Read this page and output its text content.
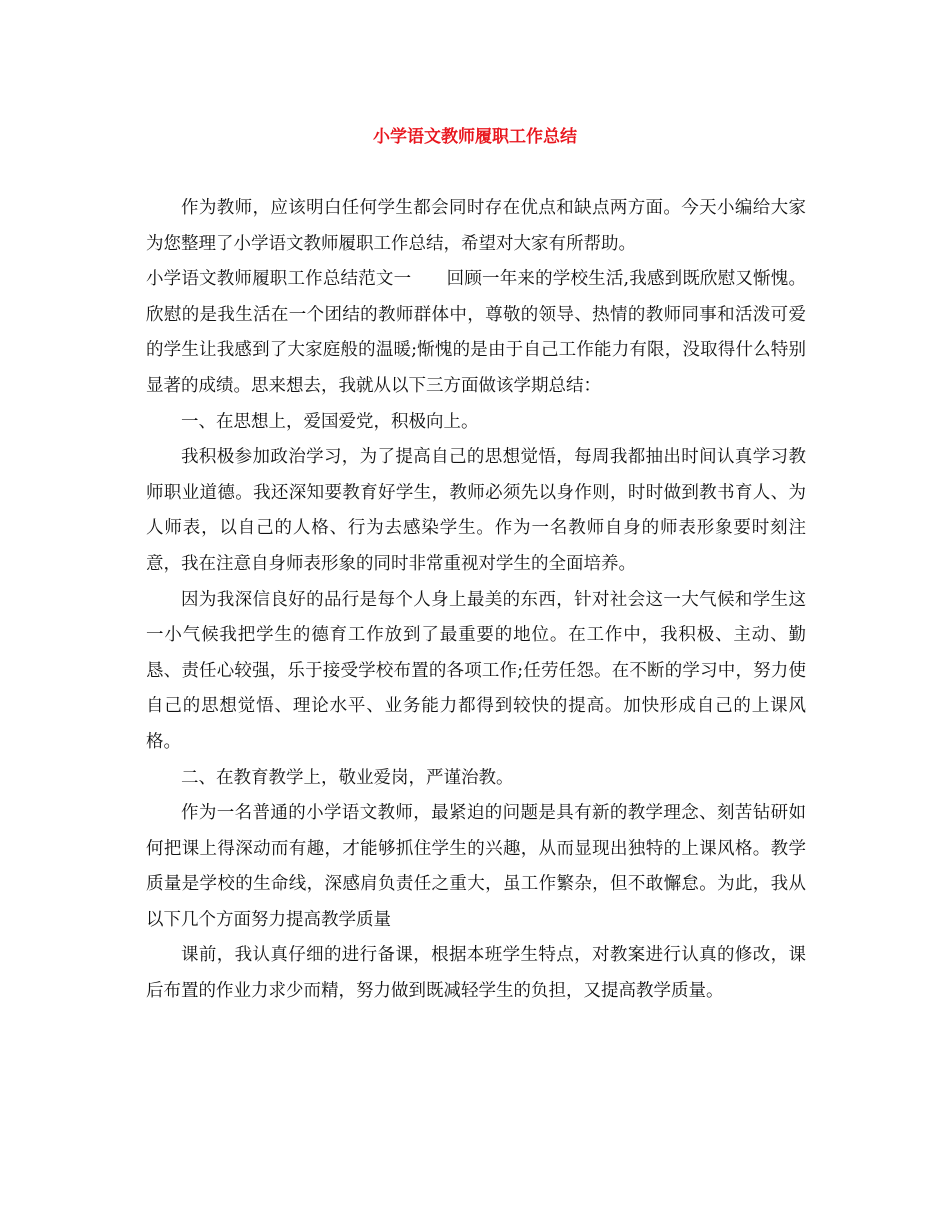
小学语文教师履职工作总结

作为教师，应该明白任何学生都会同时存在优点和缺点两方面。今天小编给大家为您整理了小学语文教师履职工作总结，希望对大家有所帮助。

小学语文教师履职工作总结范文一　　回顾一年来的学校生活,我感到既欣慰又惭愧。欣慰的是我生活在一个团结的教师群体中，尊敬的领导、热情的教师同事和活泼可爱的学生让我感到了大家庭般的温暖;惭愧的是由于自己工作能力有限，没取得什么特别显著的成绩。思来想去，我就从以下三方面做该学期总结：

一、在思想上，爱国爱党，积极向上。

我积极参加政治学习，为了提高自己的思想觉悟，每周我都抽出时间认真学习教师职业道德。我还深知要教育好学生，教师必须先以身作则，时时做到教书育人、为人师表，以自己的人格、行为去感染学生。作为一名教师自身的师表形象要时刻注意，我在注意自身师表形象的同时非常重视对学生的全面培养。

因为我深信良好的品行是每个人身上最美的东西，针对社会这一大气候和学生这一小气候我把学生的德育工作放到了最重要的地位。在工作中，我积极、主动、勤恳、责任心较强，乐于接受学校布置的各项工作;任劳任怨。在不断的学习中，努力使自己的思想觉悟、理论水平、业务能力都得到较快的提高。加快形成自己的上课风格。

二、在教育教学上，敬业爱岗，严谨治教。

作为一名普通的小学语文教师，最紧迫的问题是具有新的教学理念、刻苦钻研如何把课上得深动而有趣，才能够抓住学生的兴趣，从而显现出独特的上课风格。教学质量是学校的生命线，深感肩负责任之重大，虽工作繁杂，但不敢懈怠。为此，我从以下几个方面努力提高教学质量

课前，我认真仔细的进行备课，根据本班学生特点，对教案进行认真的修改，课后布置的作业力求少而精，努力做到既减轻学生的负担，又提高教学质量。
